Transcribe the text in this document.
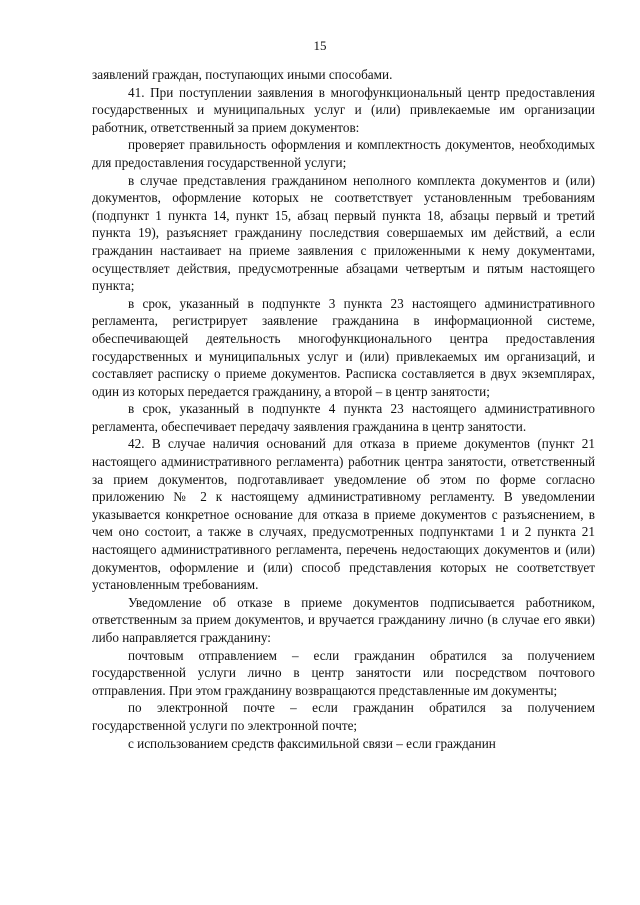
15

заявлений граждан, поступающих иными способами.

41. При поступлении заявления в многофункциональный центр предоставления государственных и муниципальных услуг и (или) привлекаемые им организации работник, ответственный за прием документов:

проверяет правильность оформления и комплектность документов, необходимых для предоставления государственной услуги;

в случае представления гражданином неполного комплекта документов и (или) документов, оформление которых не соответствует установленным требованиям (подпункт 1 пункта 14, пункт 15, абзац первый пункта 18, абзацы первый и третий пункта 19), разъясняет гражданину последствия совершаемых им действий, а если гражданин настаивает на приеме заявления с приложенными к нему документами, осуществляет действия, предусмотренные абзацами четвертым и пятым настоящего пункта;

в срок, указанный в подпункте 3 пункта 23 настоящего административного регламента, регистрирует заявление гражданина в информационной системе, обеспечивающей деятельность многофункционального центра предоставления государственных и муниципальных услуг и (или) привлекаемых им организаций, и составляет расписку о приеме документов. Расписка составляется в двух экземплярах, один из которых передается гражданину, а второй – в центр занятости;

в срок, указанный в подпункте 4 пункта 23 настоящего административного регламента, обеспечивает передачу заявления гражданина в центр занятости.

42. В случае наличия оснований для отказа в приеме документов (пункт 21 настоящего административного регламента) работник центра занятости, ответственный за прием документов, подготавливает уведомление об этом по форме согласно приложению № 2 к настоящему административному регламенту. В уведомлении указывается конкретное основание для отказа в приеме документов с разъяснением, в чем оно состоит, а также в случаях, предусмотренных подпунктами 1 и 2 пункта 21 настоящего административного регламента, перечень недостающих документов и (или) документов, оформление и (или) способ представления которых не соответствует установленным требованиям.

Уведомление об отказе в приеме документов подписывается работником, ответственным за прием документов, и вручается гражданину лично (в случае его явки) либо направляется гражданину:

почтовым отправлением – если гражданин обратился за получением государственной услуги лично в центр занятости или посредством почтового отправления. При этом гражданину возвращаются представленные им документы;

по электронной почте – если гражданин обратился за получением государственной услуги по электронной почте;

с использованием средств факсимильной связи – если гражданин
